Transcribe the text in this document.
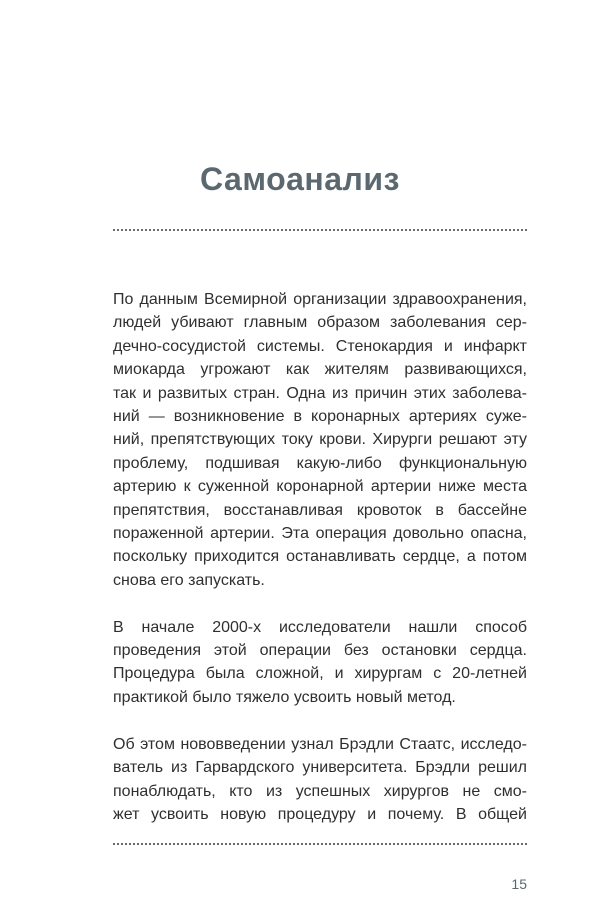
Самоанализ

По данным Всемирной организации здравоохранения,
людей убивают главным образом заболевания сер-
дечно-сосудистой системы. Стенокардия и инфаркт
миокарда угрожают как жителям развивающихся,
так и развитых стран. Одна из причин этих заболева-
ний — возникновение в коронарных артериях суже-
ний, препятствующих току крови. Хирурги решают эту
проблему, подшивая какую-либо функциональную
артерию к суженной коронарной артерии ниже места
препятствия, восстанавливая кровоток в бассейне
пораженной артерии. Эта операция довольно опасна,
поскольку приходится останавливать сердце, а потом
снова его запускать.

В начале 2000-х исследователи нашли способ
проведения этой операции без остановки сердца.
Процедура была сложной, и хирургам с 20-летней
практикой было тяжело усвоить новый метод.

Об этом нововведении узнал Брэдли Стаатс, исследо-
ватель из Гарвардского университета. Брэдли решил
понаблюдать, кто из успешных хирургов не смо-
жет усвоить новую процедуру и почему. В общей

15
